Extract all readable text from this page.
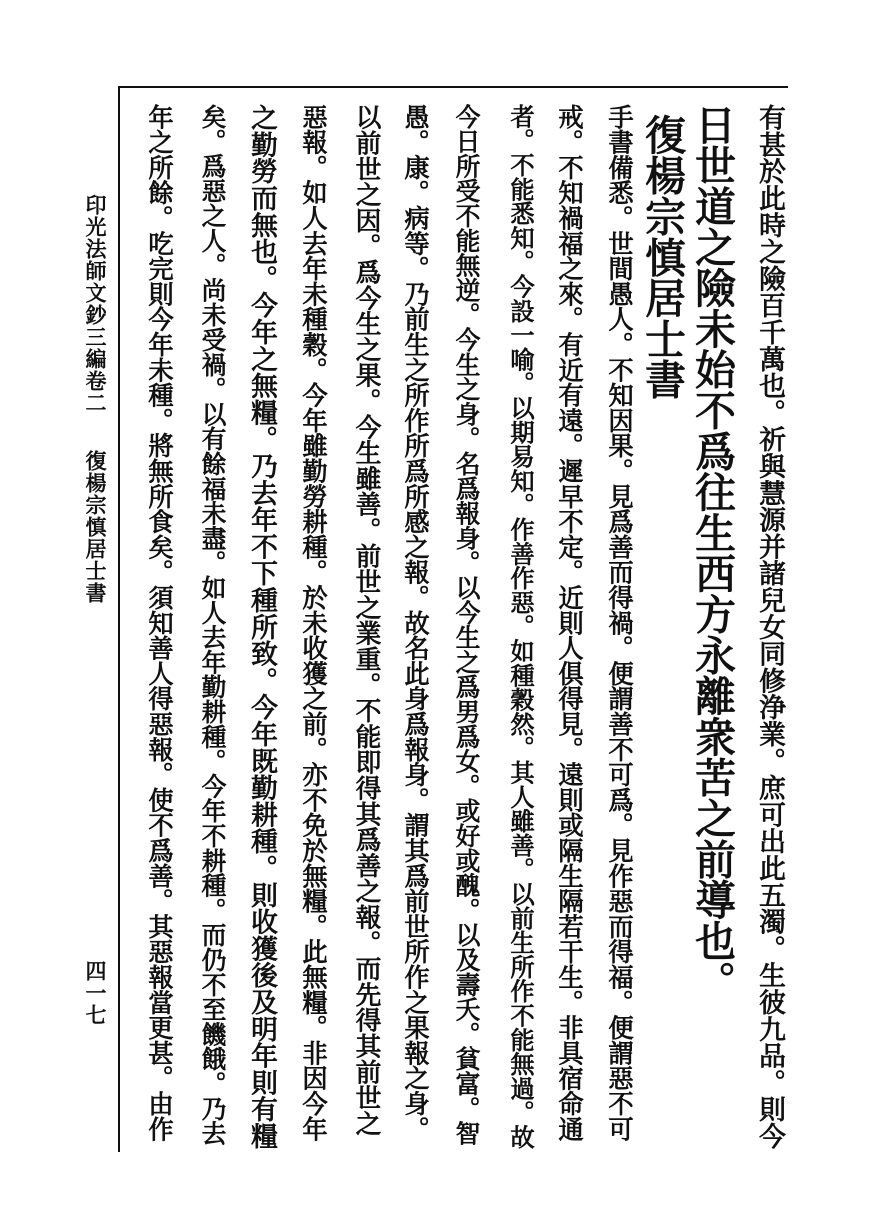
有甚於此時之險百千萬也。祈與慧源并諸兒女同修浄業。庶可出此五濁。生彼九品。則今
日世道之險未始不爲往生西方永離衆苦之前導也。
復楊宗慎居士書
手書備悉。世間愚人。不知因果。見爲善而得禍。便謂善不可爲。見作惡而得福。便謂惡不可
戒。不知禍福之來。有近有遠。遲早不定。近則人俱得見。遠則或隔生隔若干生。非具宿命通
者。不能悉知。今設一喻。以期易知。作善作惡。如種穀然。其人雖善。以前生所作不能無過。故
今日所受不能無逆。今生之身。名爲報身。以今生之爲男爲女。或好或醜。以及壽夭。貧富。智
愚。康。病等。乃前生之所作所爲所感之報。故名此身爲報身。謂其爲前世所作之果報之身。
以前世之因。爲今生之果。今生雖善。前世之業重。不能即得其爲善之報。而先得其前世之
惡報。如人去年未種穀。今年雖勤勞耕種。於未收獲之前。亦不免於無糧。此無糧。非因今年
之勤勞而無也。今年之無糧。乃去年不下種所致。今年既勤耕種。則收獲後及明年則有糧
矣。爲惡之人。尚未受禍。以有餘福未盡。如人去年勤耕種。今年不耕種。而仍不至饑餓。乃去
年之所餘。吃完則今年未種。將無所食矣。須知善人得惡報。使不爲善。其惡報當更甚。由作
印光法師文鈔三編卷二
復楊宗慎居士書
四一七
